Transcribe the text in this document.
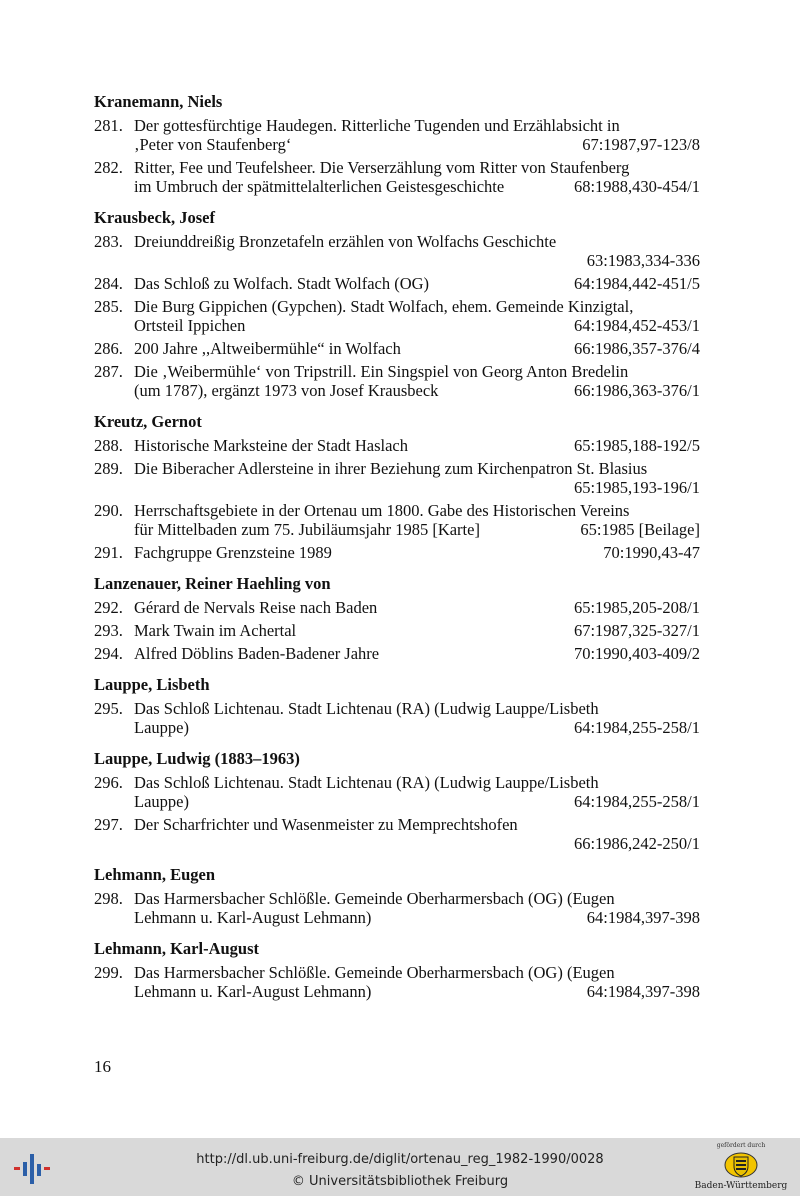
Kranemann, Niels
281. Der gottesfürchtige Haudegen. Ritterliche Tugenden und Erzählabsicht in
‚Peter von Staufenberg‘	67:1987,97-123/8
282. Ritter, Fee und Teufelsheer. Die Verserzählung vom Ritter von Staufenberg
im Umbruch der spätmittelalterlichen Geistesgeschichte	68:1988,430-454/1
Krausbeck, Josef
283. Dreiunddreißig Bronzetafeln erzählen von Wolfachs Geschichte
63:1983,334-336
284. Das Schloß zu Wolfach. Stadt Wolfach (OG)	64:1984,442-451/5
285. Die Burg Gippichen (Gypchen). Stadt Wolfach, ehem. Gemeinde Kinzigtal,
Ortsteil Ippichen	64:1984,452-453/1
286. 200 Jahre ,,Altweibermühle“ in Wolfach	66:1986,357-376/4
287. Die ‚Weibermühle‘ von Tripstrill. Ein Singspiel von Georg Anton Bredelin
(um 1787), ergänzt 1973 von Josef Krausbeck	66:1986,363-376/1
Kreutz, Gernot
288. Historische Marksteine der Stadt Haslach	65:1985,188-192/5
289. Die Biberacher Adlersteine in ihrer Beziehung zum Kirchenpatron St. Blasius
65:1985,193-196/1
290. Herrschaftsgebiete in der Ortenau um 1800. Gabe des Historischen Vereins
für Mittelbaden zum 75. Jubiläumsjahr 1985 [Karte]	65:1985 [Beilage]
291. Fachgruppe Grenzsteine 1989	70:1990,43-47
Lanzenauer, Reiner Haehling von
292. Gérard de Nervals Reise nach Baden	65:1985,205-208/1
293. Mark Twain im Achertal	67:1987,325-327/1
294. Alfred Döblins Baden-Badener Jahre	70:1990,403-409/2
Lauppe, Lisbeth
295. Das Schloß Lichtenau. Stadt Lichtenau (RA) (Ludwig Lauppe/Lisbeth
Lauppe)	64:1984,255-258/1
Lauppe, Ludwig (1883–1963)
296. Das Schloß Lichtenau. Stadt Lichtenau (RA) (Ludwig Lauppe/Lisbeth
Lauppe)	64:1984,255-258/1
297. Der Scharfrichter und Wasenmeister zu Memprechtshofen
66:1986,242-250/1
Lehmann, Eugen
298. Das Harmersbacher Schlößle. Gemeinde Oberharmersbach (OG) (Eugen
Lehmann u. Karl-August Lehmann)	64:1984,397-398
Lehmann, Karl-August
299. Das Harmersbacher Schlößle. Gemeinde Oberharmersbach (OG) (Eugen
Lehmann u. Karl-August Lehmann)	64:1984,397-398
16
http://dl.ub.uni-freiburg.de/diglit/ortenau_reg_1982-1990/0028
© Universitätsbibliothek Freiburg
gefördert durch
Baden-Württemberg
